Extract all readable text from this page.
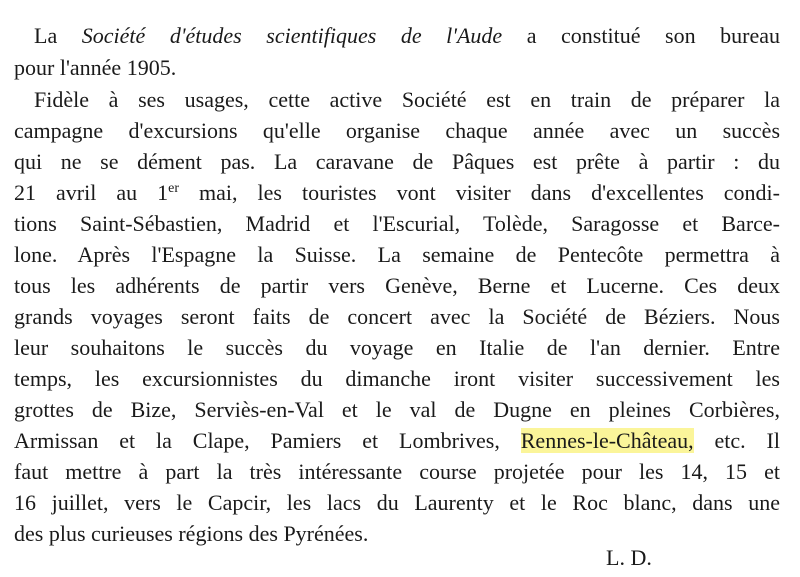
La Société d'études scientifiques de l'Aude a constitué son bureau
pour l'année 1905.
Fidèle à ses usages, cette active Société est en train de préparer la
campagne d'excursions qu'elle organise chaque année avec un succès
qui ne se dément pas. La caravane de Pâques est prête à partir : du
21 avril au 1er mai, les touristes vont visiter dans d'excellentes condi-
tions Saint-Sébastien, Madrid et l'Escurial, Tolède, Saragosse et Barce-
lone. Après l'Espagne la Suisse. La semaine de Pentecôte permettra à
tous les adhérents de partir vers Genève, Berne et Lucerne. Ces deux
grands voyages seront faits de concert avec la Société de Béziers. Nous
leur souhaitons le succès du voyage en Italie de l'an dernier. Entre
temps, les excursionnistes du dimanche iront visiter successivement les
grottes de Bize, Serviès-en-Val et le val de Dugne en pleines Corbières,
Armissan et la Clape, Pamiers et Lombrives, Rennes-le-Château, etc. Il
faut mettre à part la très intéressante course projetée pour les 14, 15 et
16 juillet, vers le Capcir, les lacs du Laurenty et le Roc blanc, dans une
des plus curieuses régions des Pyrénées.
L. D.
